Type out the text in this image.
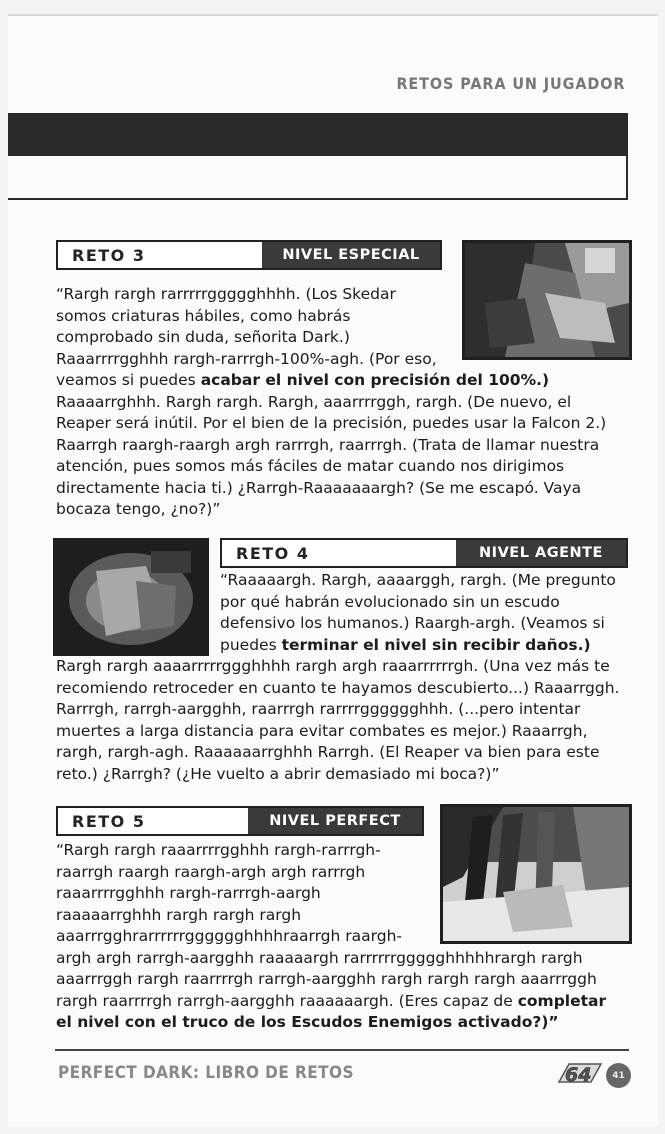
RETOS PARA UN JUGADOR
RETO 3	NIVEL ESPECIAL
“Rargh rargh rarrrrrggggghhhh. (Los Skedar
somos criaturas hábiles, como habrás
comprobado sin duda, señorita Dark.)
Raaarrrrgghhh rargh-rarrrgh-100%-agh. (Por eso,
veamos si puedes acabar el nivel con precisión del 100%.)
Raaaarrghhh. Rargh rargh. Rargh, aaarrrrggh, rargh. (De nuevo, el
Reaper será inútil. Por el bien de la precisión, puedes usar la Falcon 2.)
Raarrgh raargh-raargh argh rarrrgh, raarrrgh. (Trata de llamar nuestra
atención, pues somos más fáciles de matar cuando nos dirigimos
directamente hacia ti.) ¿Rarrgh-Raaaaaaargh? (Se me escapó. Vaya
bocaza tengo, ¿no?)”
RETO 4	NIVEL AGENTE
“Raaaaargh. Rargh, aaaarggh, rargh. (Me pregunto
por qué habrán evolucionado sin un escudo
defensivo los humanos.) Raargh-argh. (Veamos si
puedes terminar el nivel sin recibir daños.)
Rargh rargh aaaarrrrrggghhhh rargh argh raaarrrrrrgh. (Una vez más te
recomiendo retroceder en cuanto te hayamos descubierto...) Raaarrggh.
Rarrrgh, rarrgh-aargghh, raarrrgh rarrrrgggggghhh. (...pero intentar
muertes a larga distancia para evitar combates es mejor.) Raaarrgh,
rargh, rargh-agh. Raaaaaarrghhh Rarrgh. (El Reaper va bien para este
reto.) ¿Rarrgh? (¿He vuelto a abrir demasiado mi boca?)”
RETO 5	NIVEL PERFECT
“Rargh rargh raaarrrrgghhh rargh-rarrrgh-
raarrgh raargh raargh-argh argh rarrrgh
raaarrrrgghhh rargh-rarrrgh-aargh
raaaaarrghhh rargh rargh rargh
aaarrrgghrarrrrrrgggggghhhhraarrgh raargh-
argh argh rarrgh-aargghh raaaaargh rarrrrrrggggghhhhhrargh rargh
aaarrrggh rargh raarrrrgh rarrgh-aargghh rargh rargh rargh aaarrrggh
rargh raarrrrgh rarrgh-aargghh raaaaaargh. (Eres capaz de completar
el nivel con el truco de los Escudos Enemigos activado?)”
PERFECT DARK: LIBRO DE RETOS	64	41
